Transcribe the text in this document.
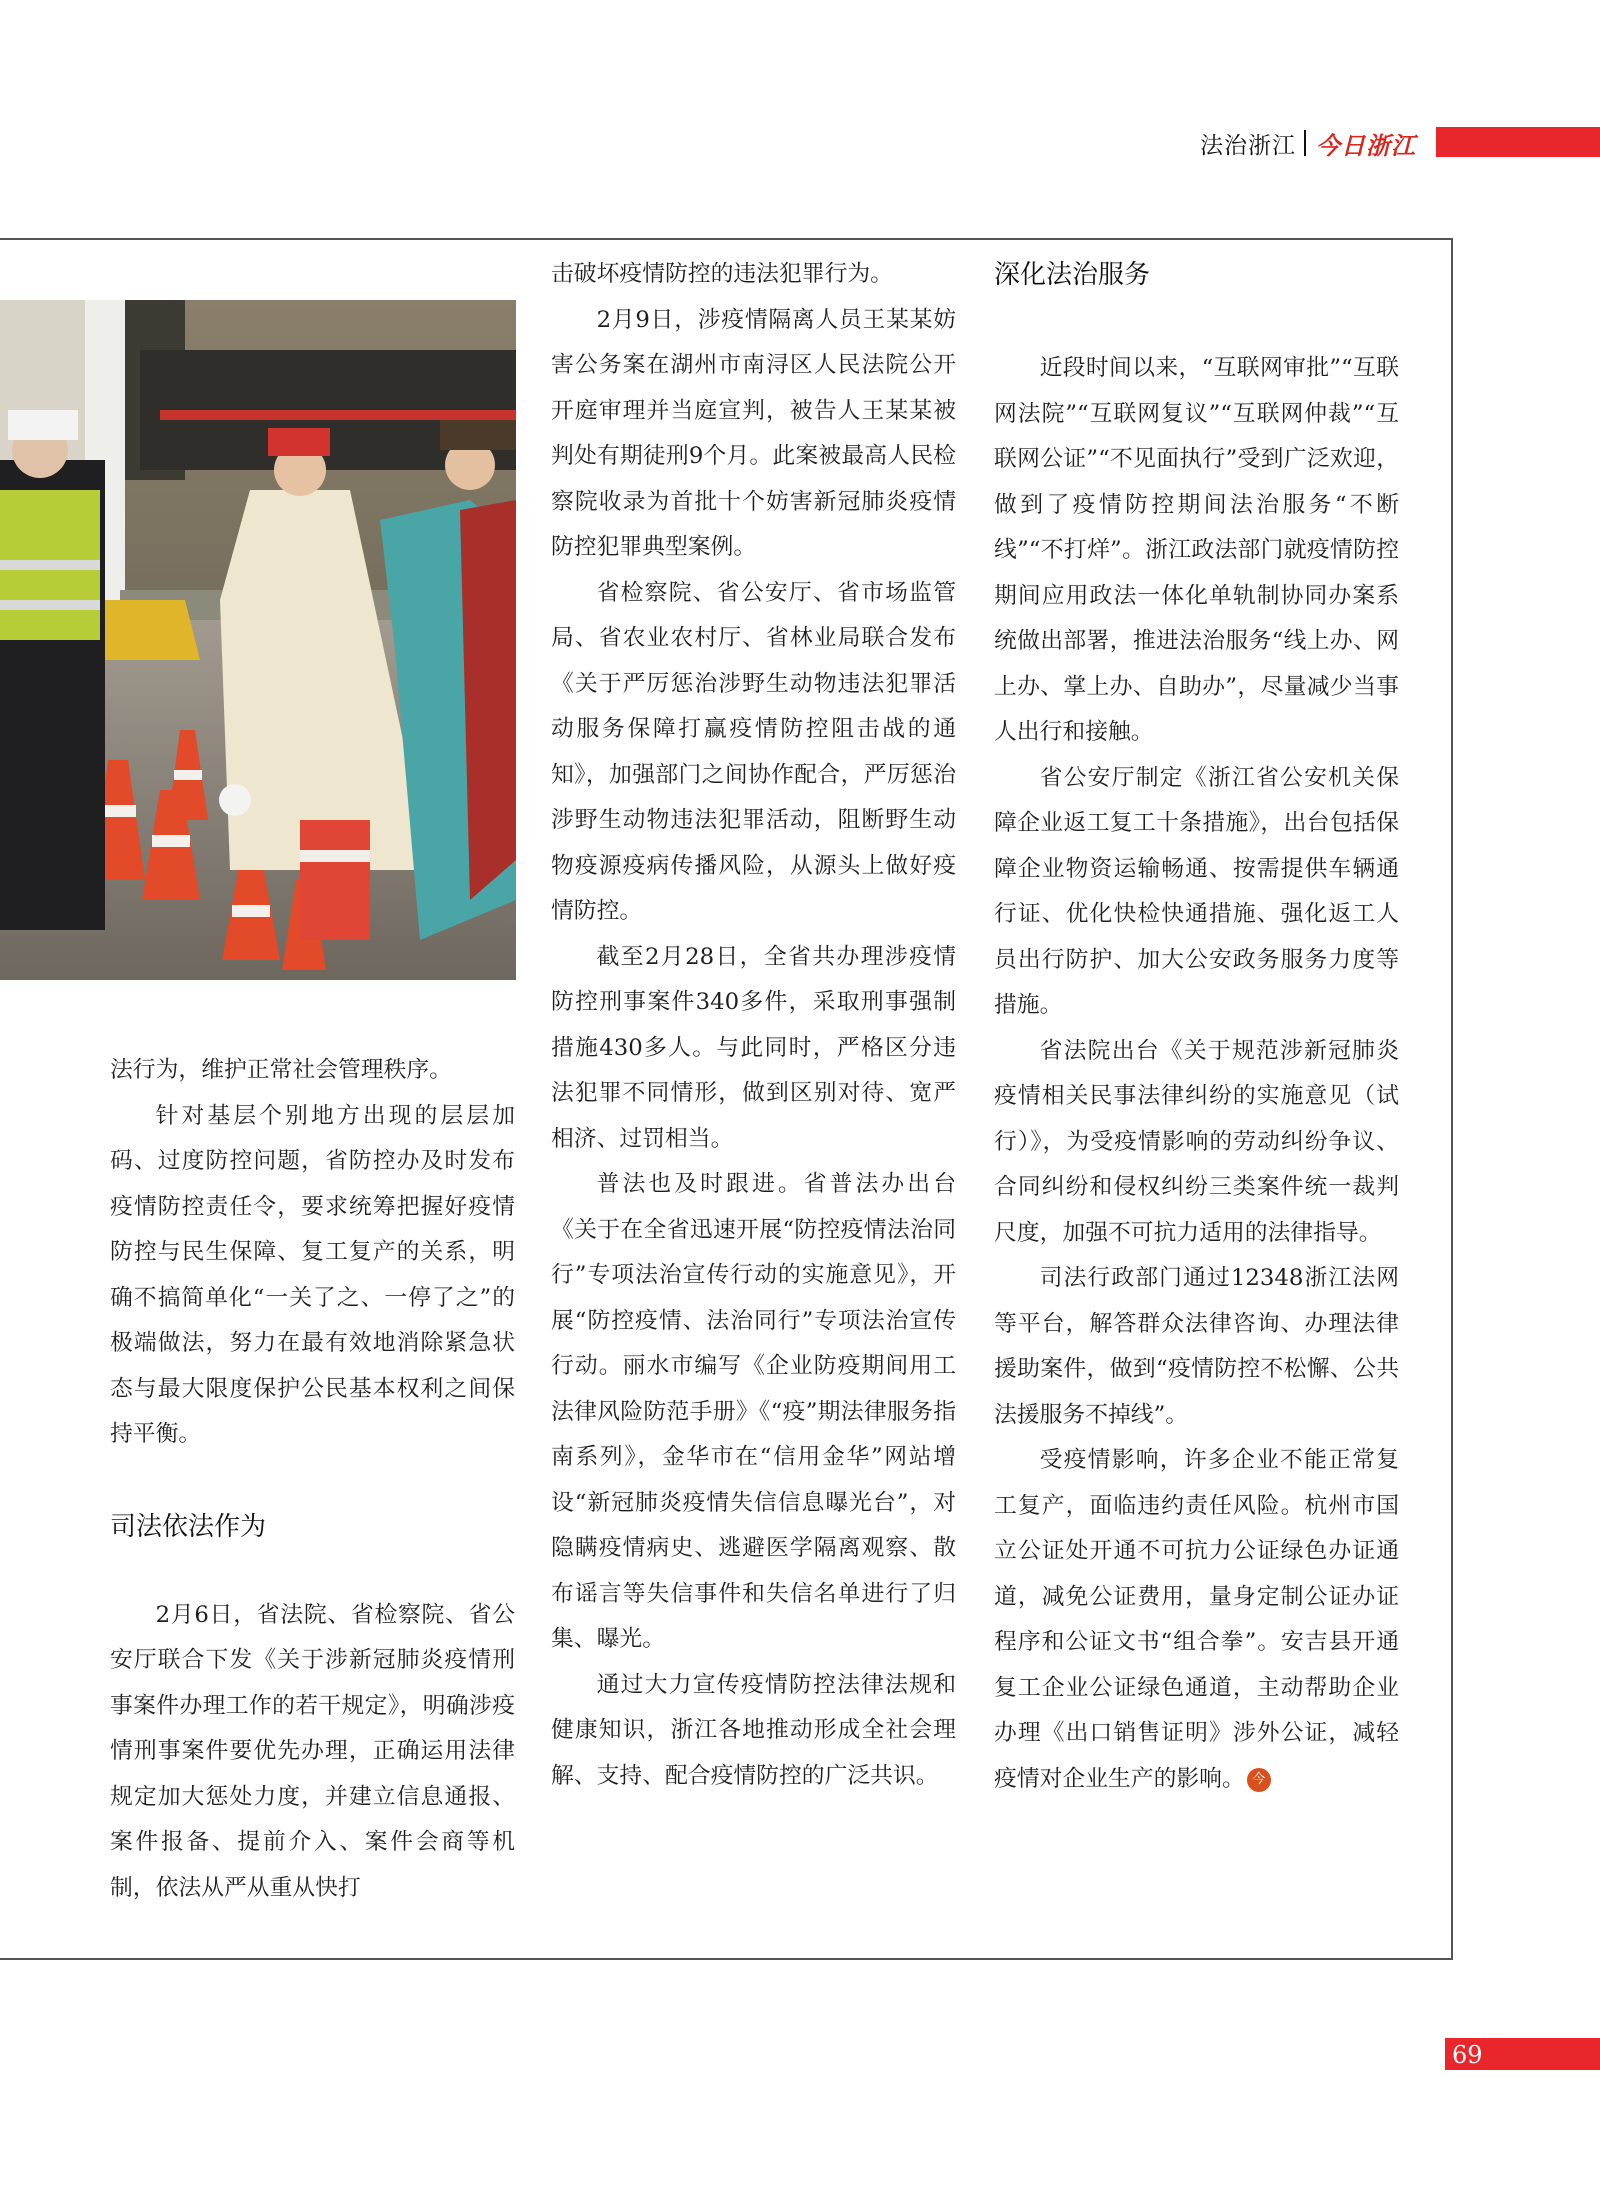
法治浙江 今日浙江

法行为，维护正常社会管理秩序。

针对基层个别地方出现的层层加码、过度防控问题，省防控办及时发布疫情防控责任令，要求统筹把握好疫情防控与民生保障、复工复产的关系，明确不搞简单化“一关了之、一停了之”的极端做法，努力在最有效地消除紧急状态与最大限度保护公民基本权利之间保持平衡。

司法依法作为

2月6日，省法院、省检察院、省公安厅联合下发《关于涉新冠肺炎疫情刑事案件办理工作的若干规定》，明确涉疫情刑事案件要优先办理，正确运用法律规定加大惩处力度，并建立信息通报、案件报备、提前介入、案件会商等机制，依法从严从重从快打

击破坏疫情防控的违法犯罪行为。

2月9日，涉疫情隔离人员王某某妨害公务案在湖州市南浔区人民法院公开开庭审理并当庭宣判，被告人王某某被判处有期徒刑9个月。此案被最高人民检察院收录为首批十个妨害新冠肺炎疫情防控犯罪典型案例。

省检察院、省公安厅、省市场监管局、省农业农村厅、省林业局联合发布《关于严厉惩治涉野生动物违法犯罪活动服务保障打赢疫情防控阻击战的通知》，加强部门之间协作配合，严厉惩治涉野生动物违法犯罪活动，阻断野生动物疫源疫病传播风险，从源头上做好疫情防控。

截至2月28日，全省共办理涉疫情防控刑事案件340多件，采取刑事强制措施430多人。与此同时，严格区分违法犯罪不同情形，做到区别对待、宽严相济、过罚相当。

普法也及时跟进。省普法办出台《关于在全省迅速开展“防控疫情法治同行”专项法治宣传行动的实施意见》，开展“防控疫情、法治同行”专项法治宣传行动。丽水市编写《企业防疫期间用工法律风险防范手册》《“疫”期法律服务指南系列》，金华市在“信用金华”网站增设“新冠肺炎疫情失信信息曝光台”，对隐瞒疫情病史、逃避医学隔离观察、散布谣言等失信事件和失信名单进行了归集、曝光。

通过大力宣传疫情防控法律法规和健康知识，浙江各地推动形成全社会理解、支持、配合疫情防控的广泛共识。

深化法治服务

近段时间以来，“互联网审批”“互联网法院”“互联网复议”“互联网仲裁”“互联网公证”“不见面执行”受到广泛欢迎，做到了疫情防控期间法治服务“不断线”“不打烊”。浙江政法部门就疫情防控期间应用政法一体化单轨制协同办案系统做出部署，推进法治服务“线上办、网上办、掌上办、自助办”，尽量减少当事人出行和接触。

省公安厅制定《浙江省公安机关保障企业返工复工十条措施》，出台包括保障企业物资运输畅通、按需提供车辆通行证、优化快检快通措施、强化返工人员出行防护、加大公安政务服务力度等措施。

省法院出台《关于规范涉新冠肺炎疫情相关民事法律纠纷的实施意见（试行）》，为受疫情影响的劳动纠纷争议、合同纠纷和侵权纠纷三类案件统一裁判尺度，加强不可抗力适用的法律指导。

司法行政部门通过12348浙江法网等平台，解答群众法律咨询、办理法律援助案件，做到“疫情防控不松懈、公共法援服务不掉线”。

受疫情影响，许多企业不能正常复工复产，面临违约责任风险。杭州市国立公证处开通不可抗力公证绿色办证通道，减免公证费用，量身定制公证办证程序和公证文书“组合拳”。安吉县开通复工企业公证绿色通道，主动帮助企业办理《出口销售证明》涉外公证，减轻疫情对企业生产的影响。 今

69
